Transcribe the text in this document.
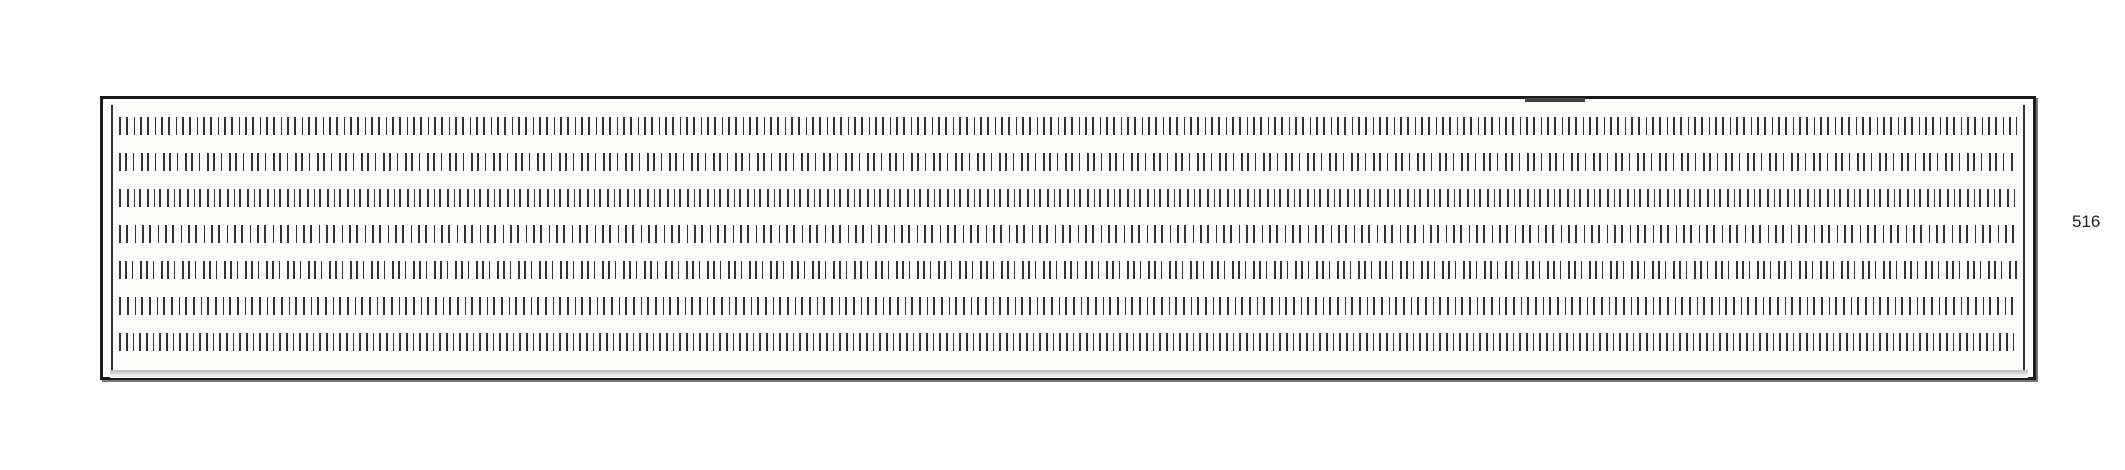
516
